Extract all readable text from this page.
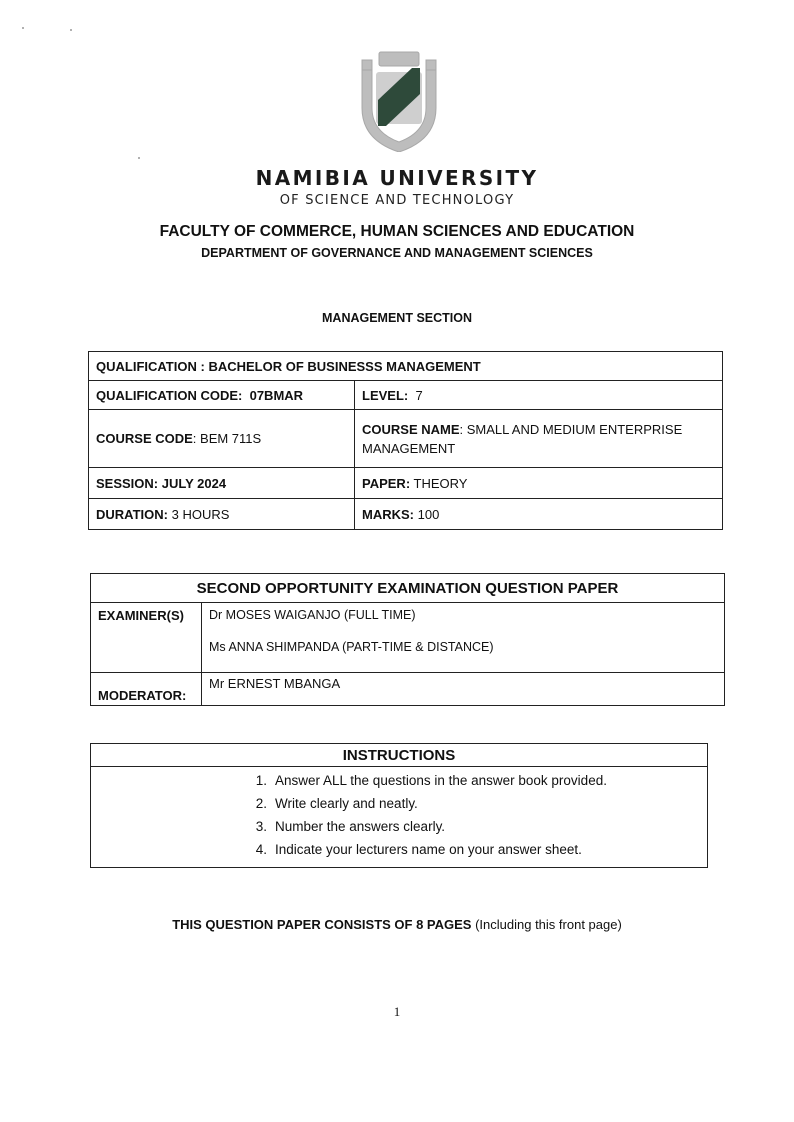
NAMIBIA UNIVERSITY
OF SCIENCE AND TECHNOLOGY
FACULTY OF COMMERCE, HUMAN SCIENCES AND EDUCATION
DEPARTMENT OF GOVERNANCE AND MANAGEMENT SCIENCES
MANAGEMENT SECTION
QUALIFICATION : BACHELOR OF BUSINESSS MANAGEMENT	
QUALIFICATION CODE: 07BMAR	LEVEL: 7
COURSE CODE: BEM 711S	COURSE NAME: SMALL AND MEDIUM ENTERPRISE MANAGEMENT
SESSION: JULY 2024	PAPER: THEORY
DURATION: 3 HOURS	MARKS: 100
SECOND OPPORTUNITY EXAMINATION QUESTION PAPER
EXAMINER(S)	Dr MOSES WAIGANJO (FULL TIME)
Ms ANNA SHIMPANDA (PART-TIME & DISTANCE)

MODERATOR:	Mr ERNEST MBANGA
INSTRUCTIONS
1. Answer ALL the questions in the answer book provided.
2. Write clearly and neatly.
3. Number the answers clearly.
4. Indicate your lecturers name on your answer sheet.
THIS QUESTION PAPER CONSISTS OF 8 PAGES (Including this front page)
1
